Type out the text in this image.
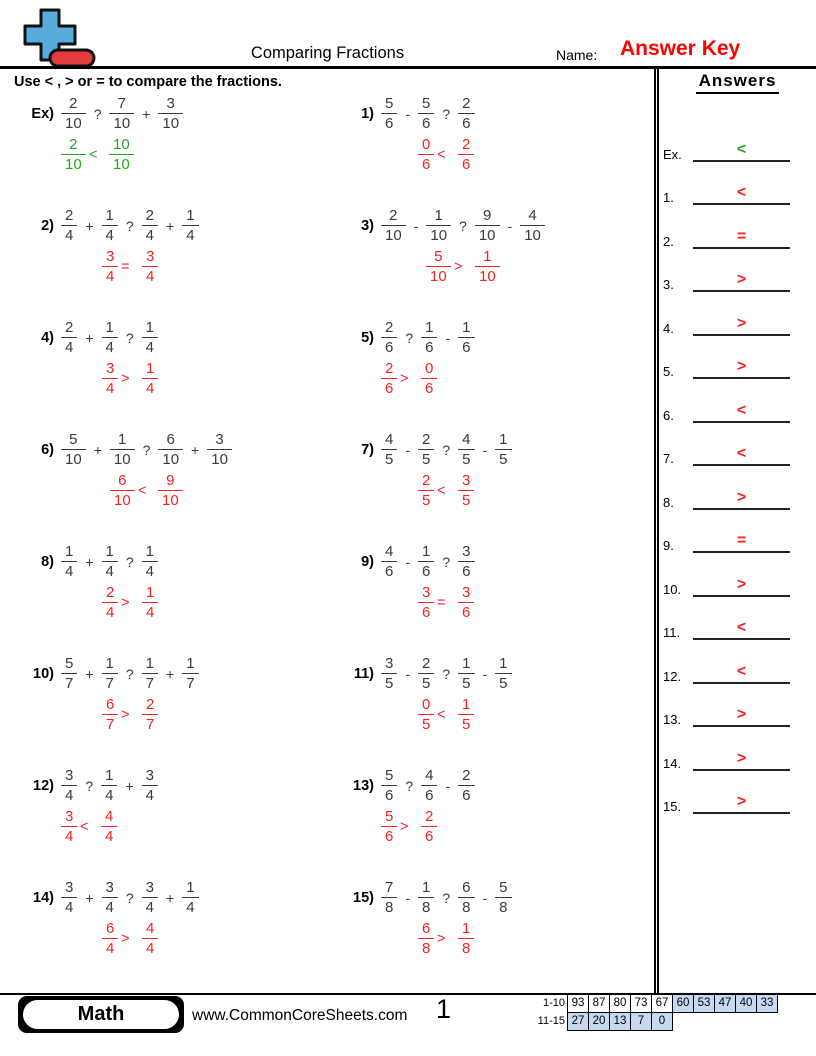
Comparing Fractions	Name: Answer Key
Use < , > or = to compare the fractions.	Answers
Ex.	<
1.	<
2.	=
3.	>
4.	>
5.	>
6.	<
7.	<
8.	>
9.	=
10.	>
11.	<
12.	<
13.	>
14.	>
15.	>
$Ex) \frac{2}{10}$ ? $\frac{7}{10} + \frac{3}{10}$
$\frac{2}{10} < \frac{10}{10}$
$1) \frac{5}{6} - \frac{5}{6}$ ? $\frac{2}{6}$
$\frac{0}{6} < \frac{2}{6}$
$2) \frac{2}{4} + \frac{1}{4}$ ? $\frac{2}{4} + \frac{1}{4}$
$\frac{3}{4} = \frac{3}{4}$
$3) \frac{2}{10} - \frac{1}{10}$ ? $\frac{9}{10} - \frac{4}{10}$
$\frac{5}{10} > \frac{1}{10}$
$4) \frac{2}{4} + \frac{1}{4}$ ? $\frac{1}{4}$
$\frac{3}{4} > \frac{1}{4}$
$5) \frac{2}{6}$ ? $\frac{1}{6} - \frac{1}{6}$
$\frac{2}{6} > \frac{0}{6}$
$6) \frac{5}{10} + \frac{1}{10}$ ? $\frac{6}{10} + \frac{3}{10}$
$\frac{6}{10} < \frac{9}{10}$
$7) \frac{4}{5} - \frac{2}{5}$ ? $\frac{4}{5} - \frac{1}{5}$
$\frac{2}{5} < \frac{3}{5}$
$8) \frac{1}{4} + \frac{1}{4}$ ? $\frac{1}{4}$
$\frac{2}{4} > \frac{1}{4}$
$9) \frac{4}{6} - \frac{1}{6}$ ? $\frac{3}{6}$
$\frac{3}{6} = \frac{3}{6}$
$10) \frac{5}{7} + \frac{1}{7}$ ? $\frac{1}{7} + \frac{1}{7}$
$\frac{6}{7} > \frac{2}{7}$
$11) \frac{3}{5} - \frac{2}{5}$ ? $\frac{1}{5} - \frac{1}{5}$
$\frac{0}{5} < \frac{1}{5}$
$12) \frac{3}{4}$ ? $\frac{1}{4} + \frac{3}{4}$
$\frac{3}{4} < \frac{4}{4}$
$13) \frac{5}{6}$ ? $\frac{4}{6} - \frac{2}{6}$
$\frac{5}{6} > \frac{2}{6}$
$14) \frac{3}{4} + \frac{3}{4}$ ? $\frac{3}{4} + \frac{1}{4}$
$\frac{6}{4} > \frac{4}{4}$
$15) \frac{7}{8} - \frac{1}{8}$ ? $\frac{6}{8} - \frac{5}{8}$
$\frac{6}{8} > \frac{1}{8}$
Math	www.CommonCoreSheets.com 1	1-10 93 87 80 73 67 60 53 47 40 33
11-15 27 20 13 7	0
